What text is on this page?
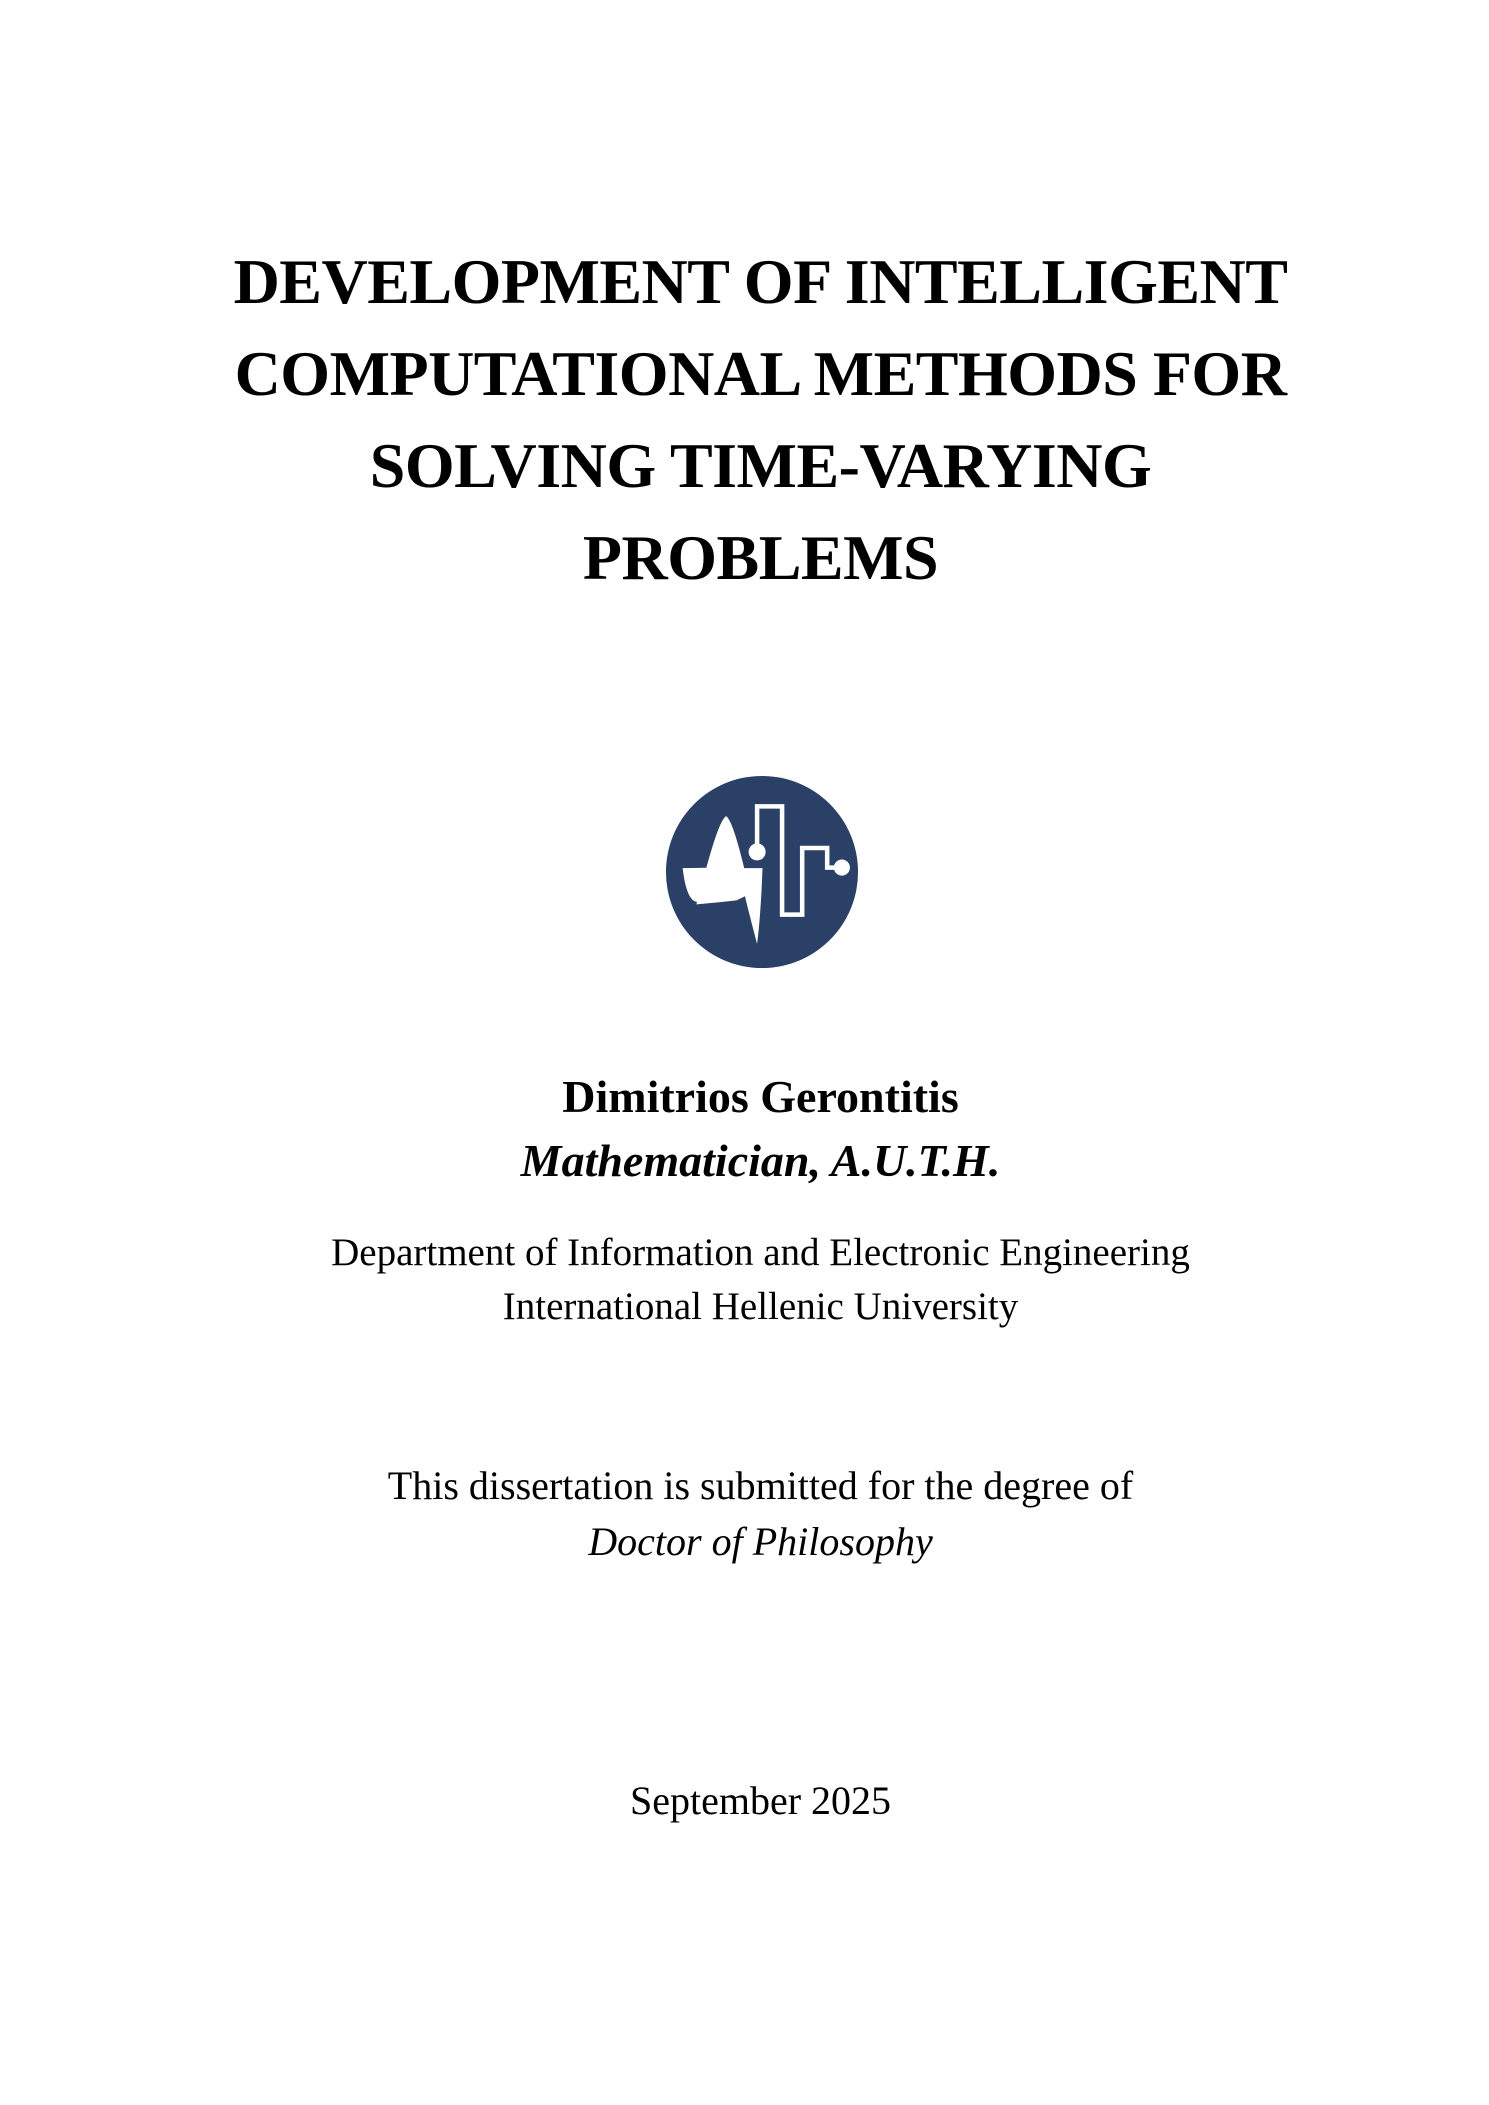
DEVELOPMENT OF INTELLIGENT
COMPUTATIONAL METHODS FOR
SOLVING TIME-VARYING
PROBLEMS
Dimitrios Gerontitis
Mathematician, A.U.T.H.
Department of Information and Electronic Engineering
International Hellenic University
This dissertation is submitted for the degree of
Doctor of Philosophy
September 2025
